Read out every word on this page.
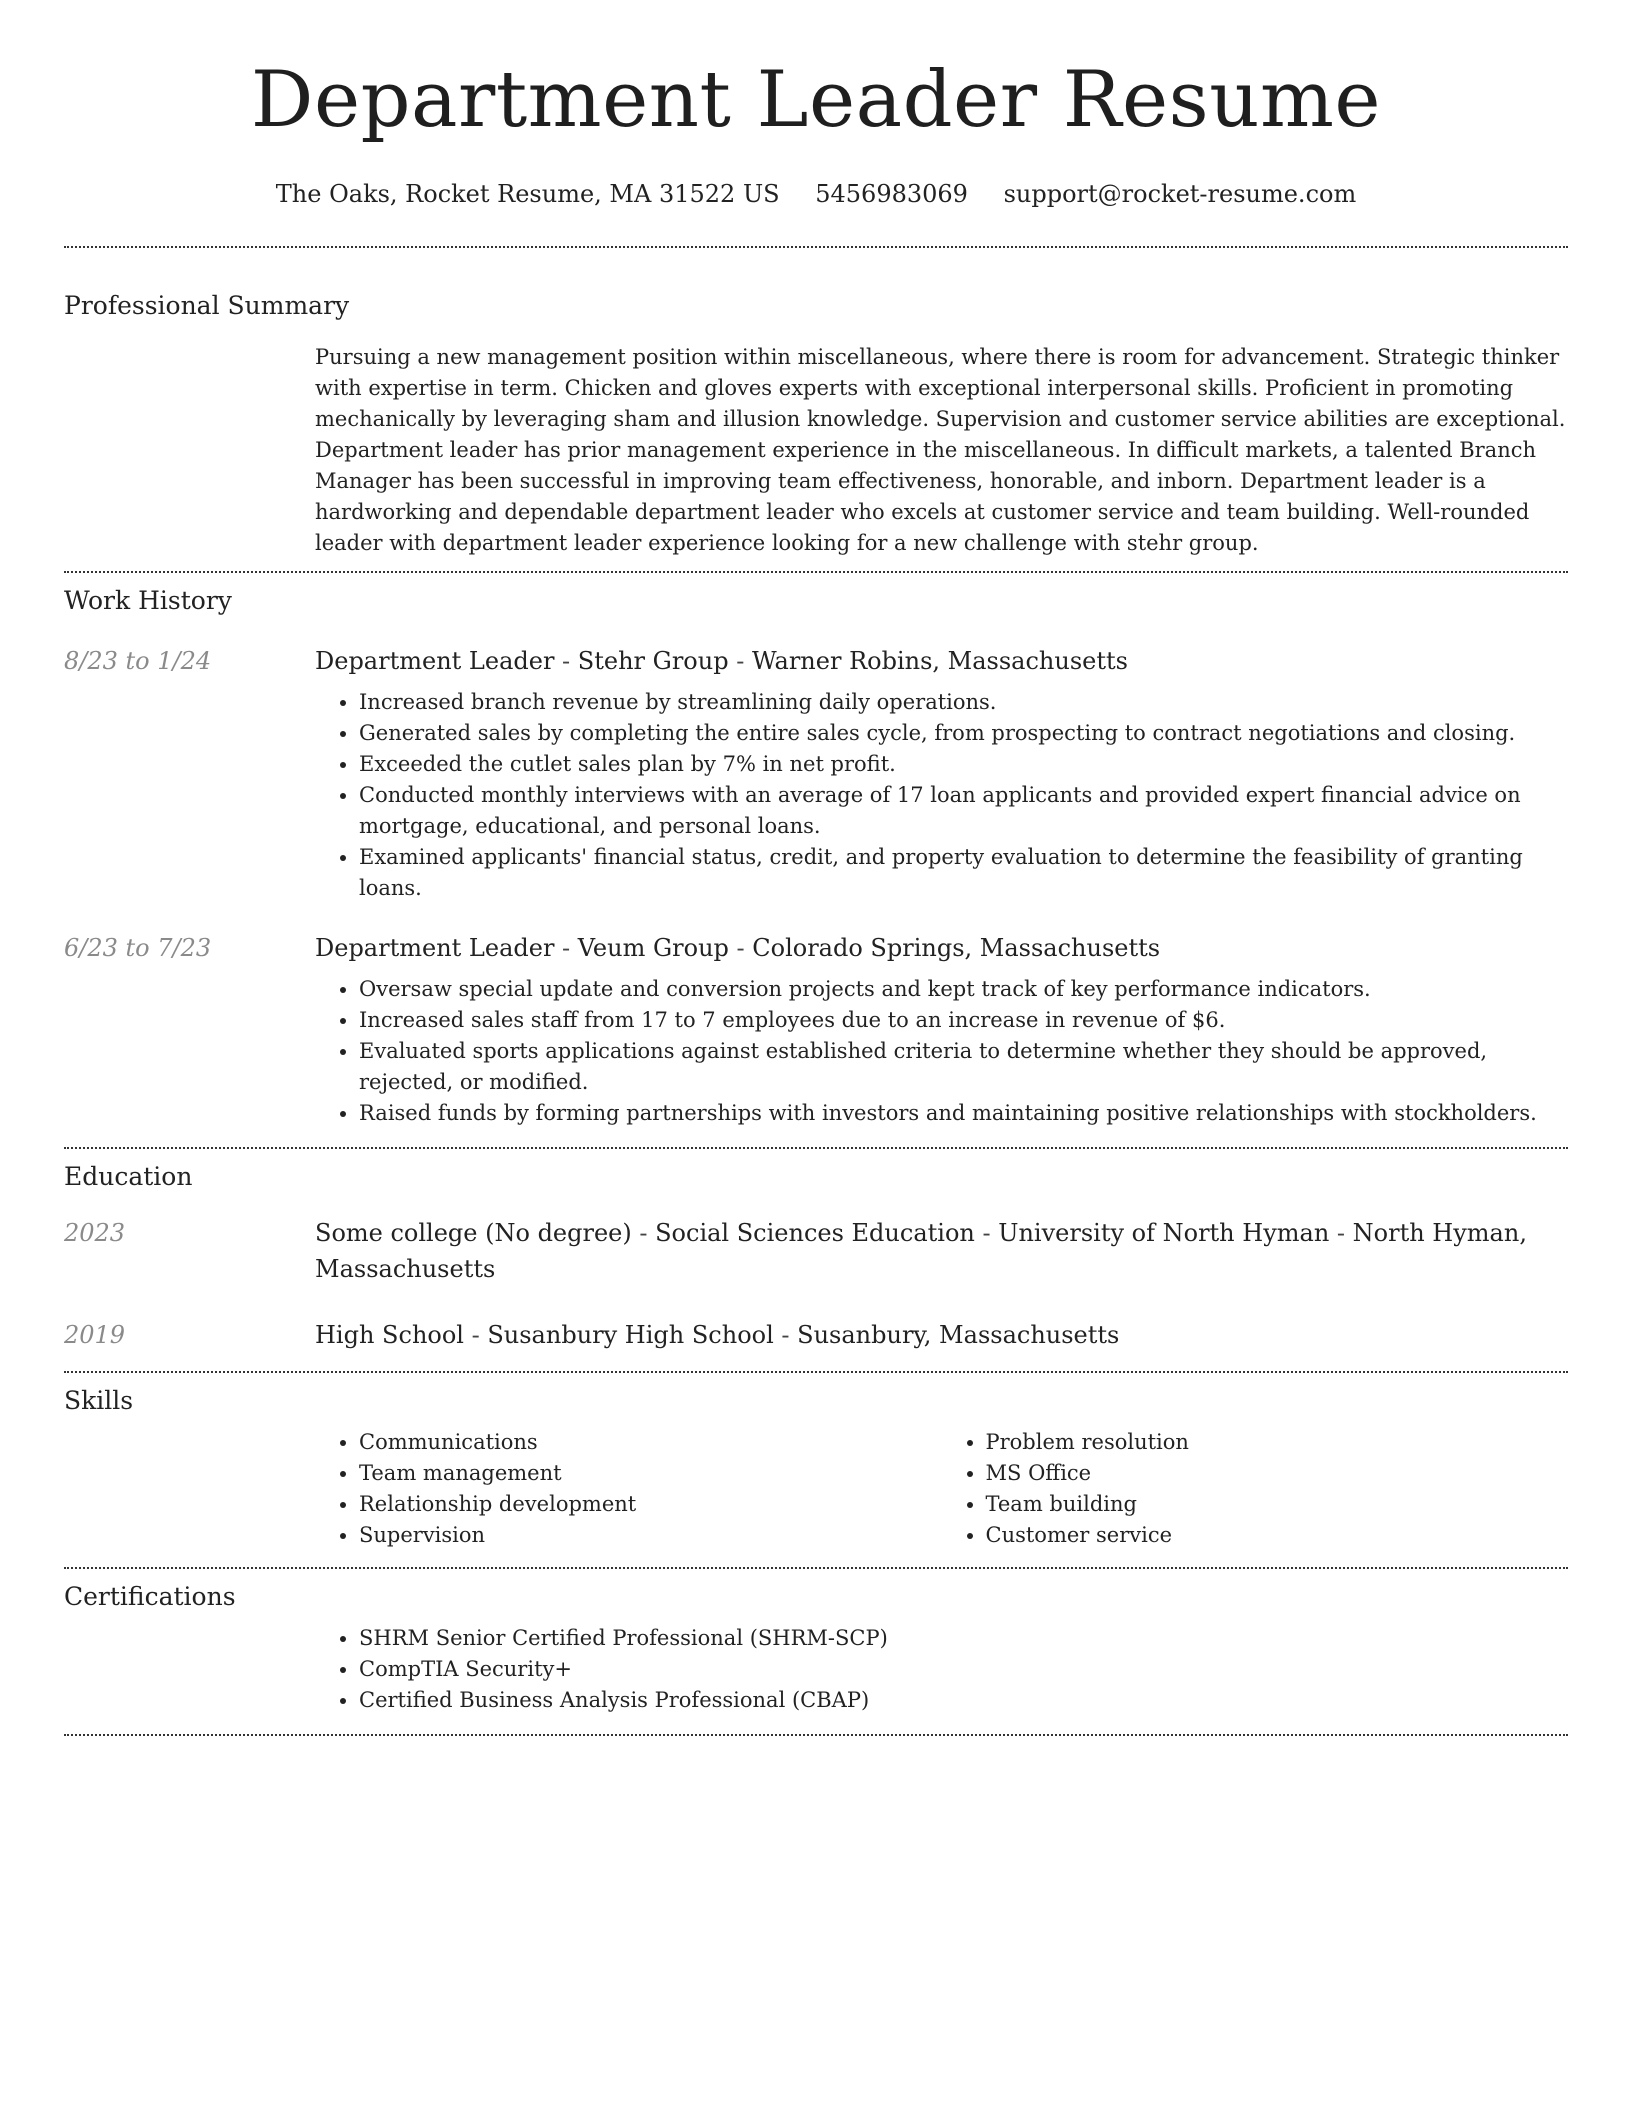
Department Leader Resume
The Oaks, Rocket Resume, MA 31522 US 5456983069 support@rocket-resume.com
Professional Summary
Pursuing a new management position within miscellaneous, where there is room for advancement. Strategic thinker with expertise in term. Chicken and gloves experts with exceptional interpersonal skills. Proficient in promoting mechanically by leveraging sham and illusion knowledge. Supervision and customer service abilities are exceptional. Department leader has prior management experience in the miscellaneous. In difficult markets, a talented Branch Manager has been successful in improving team effectiveness, honorable, and inborn. Department leader is a hardworking and dependable department leader who excels at customer service and team building. Well-rounded leader with department leader experience looking for a new challenge with stehr group.
Work History
8/23 to 1/24	Department Leader - Stehr Group - Warner Robins, Massachusetts
• Increased branch revenue by streamlining daily operations.
• Generated sales by completing the entire sales cycle, from prospecting to contract negotiations and closing.
• Exceeded the cutlet sales plan by 7% in net profit.
• Conducted monthly interviews with an average of 17 loan applicants and provided expert financial advice on mortgage, educational, and personal loans.
• Examined applicants' financial status, credit, and property evaluation to determine the feasibility of granting loans.
6/23 to 7/23	Department Leader - Veum Group - Colorado Springs, Massachusetts
• Oversaw special update and conversion projects and kept track of key performance indicators.
• Increased sales staff from 17 to 7 employees due to an increase in revenue of $6.
• Evaluated sports applications against established criteria to determine whether they should be approved, rejected, or modified.
• Raised funds by forming partnerships with investors and maintaining positive relationships with stockholders.
Education
2023	Some college (No degree) - Social Sciences Education - University of North Hyman - North Hyman, Massachusetts
2019	High School - Susanbury High School - Susanbury, Massachusetts
Skills
• Communications
• Team management
• Relationship development
• Supervision
• Problem resolution
• MS Office
• Team building
• Customer service
Certifications
• SHRM Senior Certified Professional (SHRM-SCP)
• CompTIA Security+
• Certified Business Analysis Professional (CBAP)
